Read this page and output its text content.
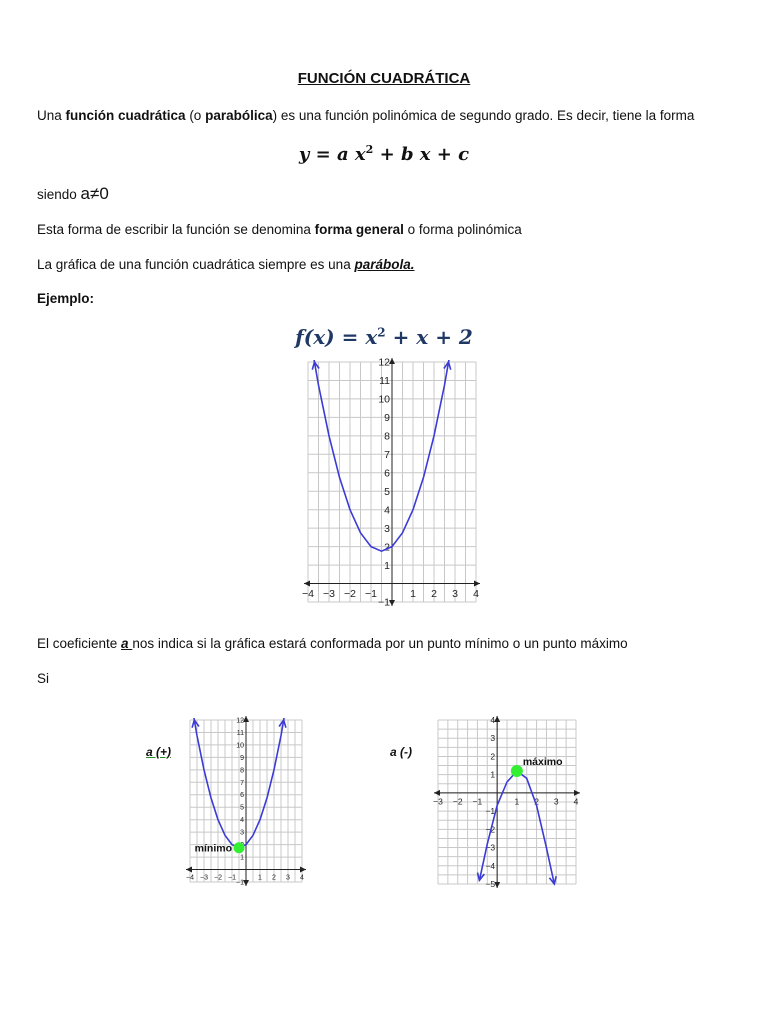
FUNCIÓN CUADRÁTICA
Una función cuadrática (o parabólica) es una función polinómica de segundo grado. Es decir, tiene la forma
y = a $x^2 + b$ x + c
siendo a≠0
Esta forma de escribir la función se denomina forma general o forma polinómica
La gráfica de una función cuadrática siempre es una parábola.
Ejemplo:
$f(x) = x^2 + x + 2$
−4 −3 −2 −1	1 2 3 4
−1
1
2
3
4
5
6
7
8
9
10
11
12
El coeficiente a nos indica si la gráfica estará conformada por un punto mínimo o un punto máximo
Si
a (+)
−4 −3 −2 −1	1 2 3 4
−1
1
3
4
5
6
7
8
9
10
11
12
mínimo
a (-)
−3 −2 −1	1 2 3 4
−5
−4
−3
−2
−1
1
2
3
4
máximo
